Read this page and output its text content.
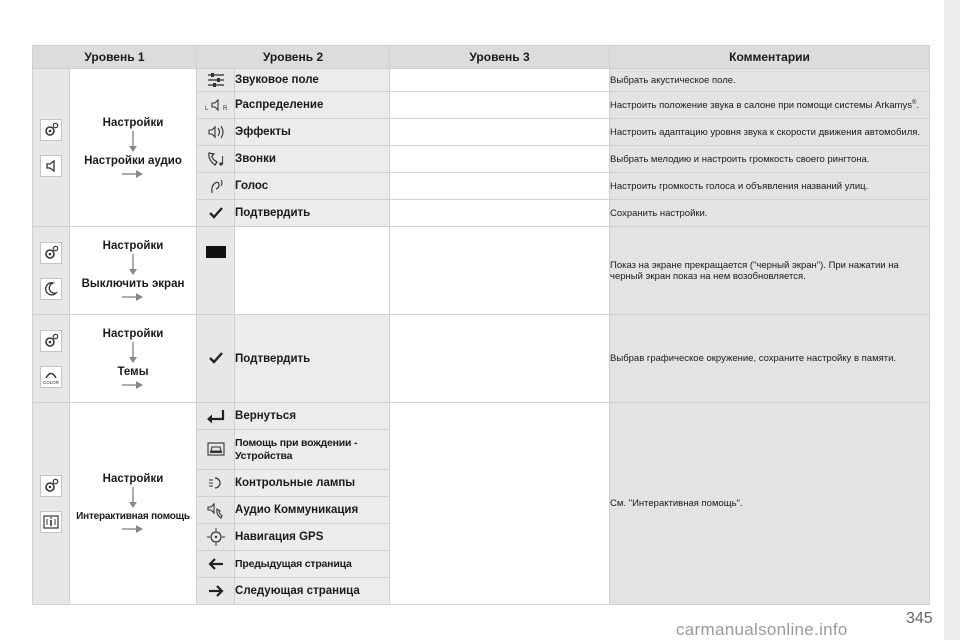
Уровень 1		Уровень 2		Уровень 3	Комментарии

Настройки
Настройки аудио		Звуковое поле		Выбрать акустическое поле.

L R	Распределение		Настроить положение звука в салоне при помощи системы Arkamys®.
	Эффекты		Настроить адаптацию уровня звука к скорости движения автомобиля.
	Звонки		Выбрать мелодию и настроить громкость своего рингтона.
	Голос		Настроить громкость голоса и объявления названий улиц.
	Подтвердить		Сохранить настройки.

Настройки
Выключить экран				Показ на экране прекращается ("черный экран"). При нажатии на черный экран показ на нем возобновляется.

COLOR	Настройки
Темы		Подтвердить		Выбрав графическое окружение, сохраните настройку в памяти.

Настройки
Интерактивная помощь		Вернуться		См. "Интерактивная помощь".
	Помощь при вождении - Устройства		
	Контрольные лампы		
	Аудио Коммуникация		
	Навигация GPS		
	Предыдущая страница		
	Следующая страница		
345
carmanualsonline.info
